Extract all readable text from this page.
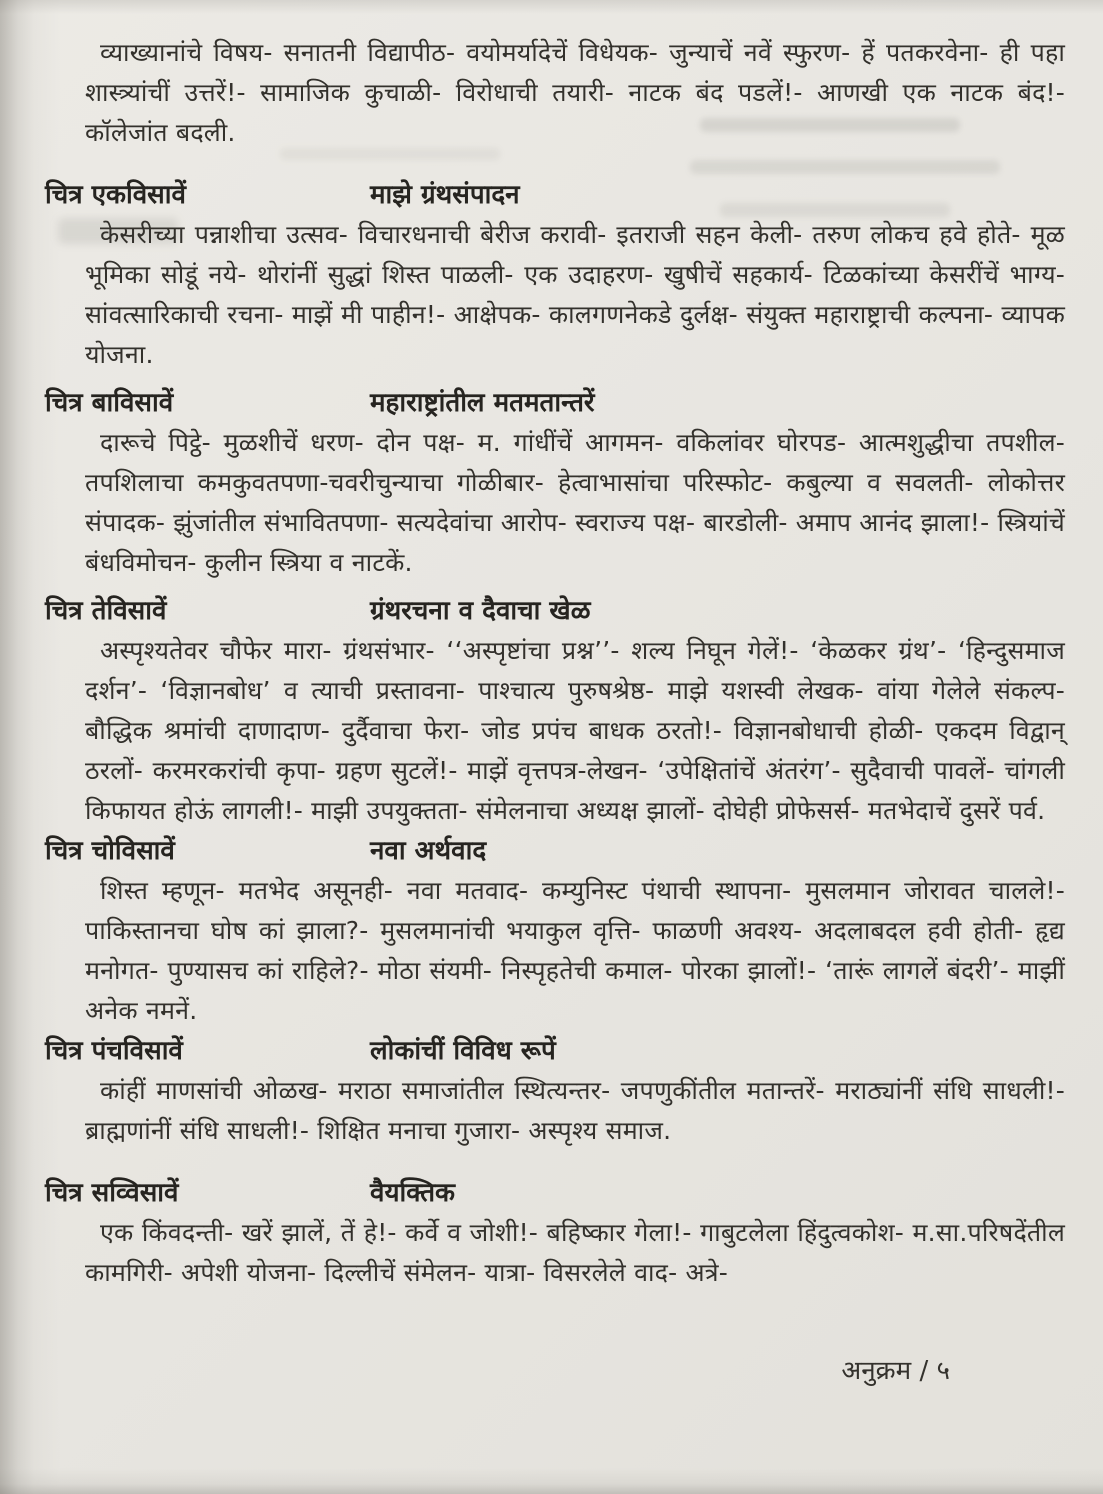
व्याख्यानांचे विषय- सनातनी विद्यापीठ- वयोमर्यादेचें विधेयक- जुन्याचें नवें स्फुरण- हें पतकरवेना- ही पहा शास्त्र्यांचीं उत्तरें!- सामाजिक कुचाळी- विरोधाची तयारी- नाटक बंद पडलें!- आणखी एक नाटक बंद!- कॉलेजांत बदली.

चित्र एकविसावें	माझे ग्रंथसंपादन

केसरीच्या पन्नाशीचा उत्सव- विचारधनाची बेरीज करावी- इतराजी सहन केली- तरुण लोकच हवे होते- मूळ भूमिका सोडूं नये- थोरांनीं सुद्धां शिस्त पाळली- एक उदाहरण- खुषीचें सहकार्य- टिळकांच्या केसरींचें भाग्य- सांवत्सारिकाची रचना- माझें मी पाहीन!- आक्षेपक- कालगणनेकडे दुर्लक्ष- संयुक्त महाराष्ट्राची कल्पना- व्यापक योजना.

चित्र बाविसावें	महाराष्ट्रांतील मतमतान्तरें

दारूचे पिट्ठे- मुळशीचें धरण- दोन पक्ष- म. गांधींचें आगमन- वकिलांवर घोरपड- आत्मशुद्धीचा तपशील- तपशिलाचा कमकुवतपणा-चवरीचुन्याचा गोळीबार- हेत्वाभासांचा परिस्फोट- कबुल्या व सवलती- लोकोत्तर संपादक- झुंजांतील संभावितपणा- सत्यदेवांचा आरोप- स्वराज्य पक्ष- बारडोली- अमाप आनंद झाला!- स्त्रियांचें बंधविमोचन- कुलीन स्त्रिया व नाटकें.

चित्र तेविसावें	ग्रंथरचना व दैवाचा खेळ

अस्पृश्यतेवर चौफेर मारा- ग्रंथसंभार- ‘‘अस्पृष्टांचा प्रश्न’’- शल्य निघून गेलें!- ‘केळकर ग्रंथ’- ‘हिन्दुसमाज दर्शन’- ‘विज्ञानबोध’ व त्याची प्रस्तावना- पाश्चात्य पुरुषश्रेष्ठ- माझे यशस्वी लेखक- वांया गेलेले संकल्प- बौद्धिक श्रमांची दाणादाण- दुर्दैवाचा फेरा- जोड प्रपंच बाधक ठरतो!- विज्ञानबोधाची होळी- एकदम विद्वान् ठरलों- करमरकरांची कृपा- ग्रहण सुटलें!- माझें वृत्तपत्र-लेखन- ‘उपेक्षितांचें अंतरंग’- सुदैवाची पावलें- चांगली किफायत होऊं लागली!- माझी उपयुक्तता- संमेलनाचा अध्यक्ष झालों- दोघेही प्रोफेसर्स- मतभेदाचें दुसरें पर्व.

चित्र चोविसावें	नवा अर्थवाद

शिस्त म्हणून- मतभेद असूनही- नवा मतवाद- कम्युनिस्ट पंथाची स्थापना- मुसलमान जोरावत चालले!- पाकिस्तानचा घोष कां झाला?- मुसलमानांची भयाकुल वृत्ति- फाळणी अवश्य- अदलाबदल हवी होती- हृद्य मनोगत- पुण्यासच कां राहिले?- मोठा संयमी- निस्पृहतेची कमाल- पोरका झालों!- ‘तारूं लागलें बंदरी’- माझीं अनेक नमनें.

चित्र पंचविसावें	लोकांचीं विविध रूपें

कांहीं माणसांची ओळख- मराठा समाजांतील स्थित्यन्तर- जपणुकींतील मतान्तरें- मराठ्यांनीं संधि साधली!- ब्राह्मणांनीं संधि साधली!- शिक्षित मनाचा गुजारा- अस्पृश्य समाज.

चित्र सव्विसावें	वैयक्तिक

एक किंवदन्ती- खरें झालें, तें हे!- कर्वे व जोशी!- बहिष्कार गेला!- गाबुटलेला हिंदुत्वकोश- म.सा.परिषदेंतील कामगिरी- अपेशी योजना- दिल्लीचें संमेलन- यात्रा- विसरलेले वाद- अत्रे-

अनुक्रम / ५
